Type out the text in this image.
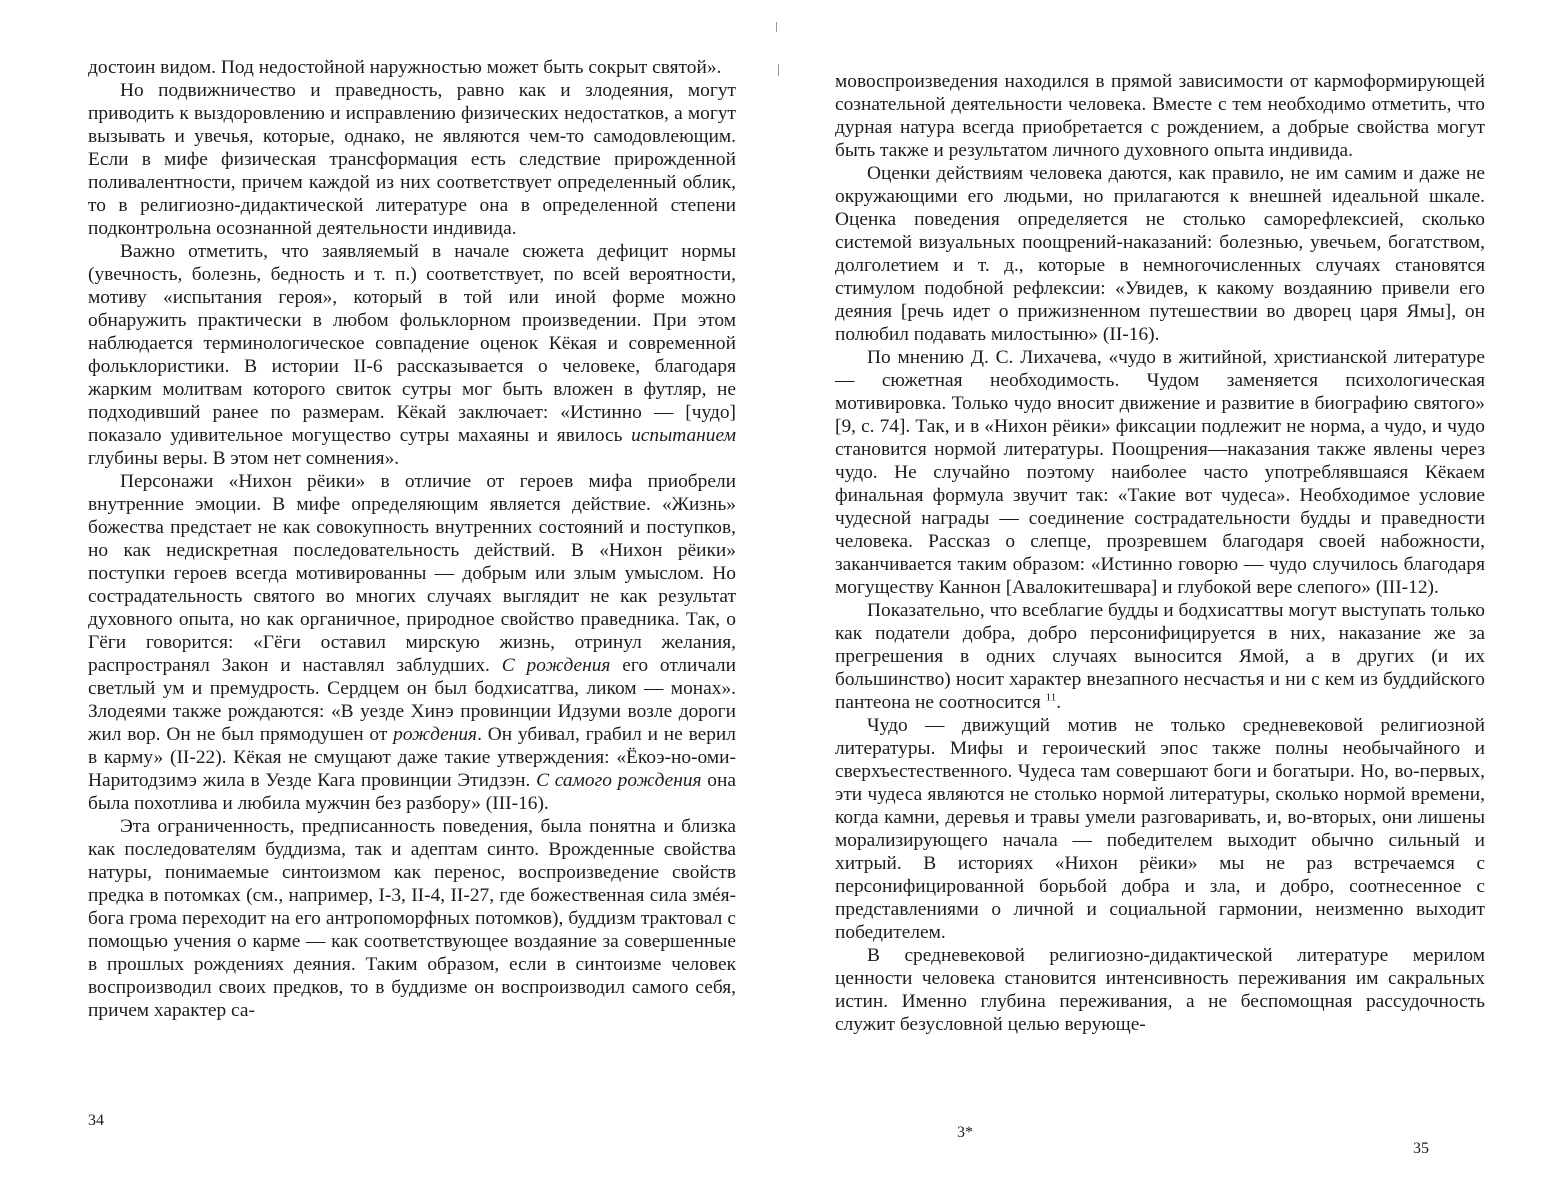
достоин видом. Под недостойной наружностью может быть сокрыт святой».

Но подвижничество и праведность, равно как и злодеяния, могут приводить к выздоровлению и исправлению физических недостатков, а могут вызывать и увечья, которые, однако, не являются чем-то самодовлеющим. Если в мифе физическая трансформация есть следствие прирожденной поливалентности, причем каждой из них соответствует определенный облик, то в религиозно-дидактической литературе она в определенной степени подконтрольна осознанной деятельности индивида.

Важно отметить, что заявляемый в начале сюжета дефицит нормы (увечность, болезнь, бедность и т. п.) соответствует, по всей вероятности, мотиву «испытания героя», который в той или иной форме можно обнаружить практически в любом фольклорном произведении. При этом наблюдается терминологическое совпадение оценок Кёкая и современной фольклористики. В истории II-6 рассказывается о человеке, благодаря жарким молитвам которого свиток сутры мог быть вложен в футляр, не подходивший ранее по размерам. Кёкай заключает: «Истинно — [чудо] показало удивительное могущество сутры махаяны и явилось испытанием глубины веры. В этом нет сомнения».

Персонажи «Нихон рёики» в отличие от героев мифа приобрели внутренние эмоции. В мифе определяющим является действие. «Жизнь» божества предстает не как совокупность внутренних состояний и поступков, но как недискретная последовательность действий. В «Нихон рёики» поступки героев всегда мотивированны — добрым или злым умыслом. Но сострадательность святого во многих случаях выглядит не как результат духовного опыта, но как органичное, природное свойство праведника. Так, о Гёги говорится: «Гёги оставил мирскую жизнь, отринул желания, распространял Закон и наставлял заблудших. С рождения его отличали светлый ум и премудрость. Сердцем он был бодхисатгва, ликом — монах». Злодеями также рождаются: «В уезде Хинэ провинции Идзуми возле дороги жил вор. Он не был прямодушен от рождения. Он убивал, грабил и не верил в карму» (II-22). Кёкая не смущают даже такие утверждения: «Ёкоэ-но-оми-Наритодзимэ жила в Уезде Кага провинции Этидзэн. С самого рождения она была похотлива и любила мужчин без разбору» (III-16).

Эта ограниченность, предписанность поведения, была понятна и близка как последователям буддизма, так и адептам синто. Врожденные свойства натуры, понимаемые синтоизмом как перенос, воспроизведение свойств предка в потомках (см., например, I-3, II-4, II-27, где божественная сила змéя-бога грома переходит на его антропоморфных потомков), буддизм трактовал с помощью учения о карме — как соответствующее воздаяние за совершенные в прошлых рождениях деяния. Таким образом, если в синтоизме человек воспроизводил своих предков, то в буддизме он воспроизводил самого себя, причем характер са-

34

мовоспроизведения находился в прямой зависимости от кармоформирующей сознательной деятельности человека. Вместе с тем необходимо отметить, что дурная натура всегда приобретается с рождением, а добрые свойства могут быть также и результатом личного духовного опыта индивида.

Оценки действиям человека даются, как правило, не им самим и даже не окружающими его людьми, но прилагаются к внешней идеальной шкале. Оценка поведения определяется не столько саморефлексией, сколько системой визуальных поощрений-наказаний: болезнью, увечьем, богатством, долголетием и т. д., которые в немногочисленных случаях становятся стимулом подобной рефлексии: «Увидев, к какому воздаянию привели его деяния [речь идет о прижизненном путешествии во дворец царя Ямы], он полюбил подавать милостыню» (II-16).

По мнению Д. С. Лихачева, «чудо в житийной, христианской литературе — сюжетная необходимость. Чудом заменяется психологическая мотивировка. Только чудо вносит движение и развитие в биографию святого» [9, с. 74]. Так, и в «Нихон рёики» фиксации подлежит не норма, а чудо, и чудо становится нормой литературы. Поощрения—наказания также явлены через чудо. Не случайно поэтому наиболее часто употреблявшаяся Кёкаем финальная формула звучит так: «Такие вот чудеса». Необходимое условие чудесной награды — соединение сострадательности будды и праведности человека. Рассказ о слепце, прозревшем благодаря своей набожности, заканчивается таким образом: «Истинно говорю — чудо случилось благодаря могуществу Каннон [Авалокитешвара] и глубокой вере слепого» (III-12).

Показательно, что всеблагие будды и бодхисаттвы могут выступать только как податели добра, добро персонифицируется в них, наказание же за прегрешения в одних случаях выносится Ямой, а в других (и их большинство) носит характер внезапного несчастья и ни с кем из буддийского пантеона не соотносится $^{11}$.

Чудо — движущий мотив не только средневековой религиозной литературы. Мифы и героический эпос также полны необычайного и сверхъестественного. Чудеса там совершают боги и богатыри. Но, во-первых, эти чудеса являются не столько нормой литературы, сколько нормой времени, когда камни, деревья и травы умели разговаривать, и, во-вторых, они лишены морализирующего начала — победителем выходит обычно сильный и хитрый. В историях «Нихон рёики» мы не раз встречаемся с персонифицированной борьбой добра и зла, и добро, соотнесенное с представлениями о личной и социальной гармонии, неизменно выходит победителем.

В средневековой религиозно-дидактической литературе мерилом ценности человека становится интенсивность переживания им сакральных истин. Именно глубина переживания, а не беспомощная рассудочность служит безусловной целью верующе-

3*
35
